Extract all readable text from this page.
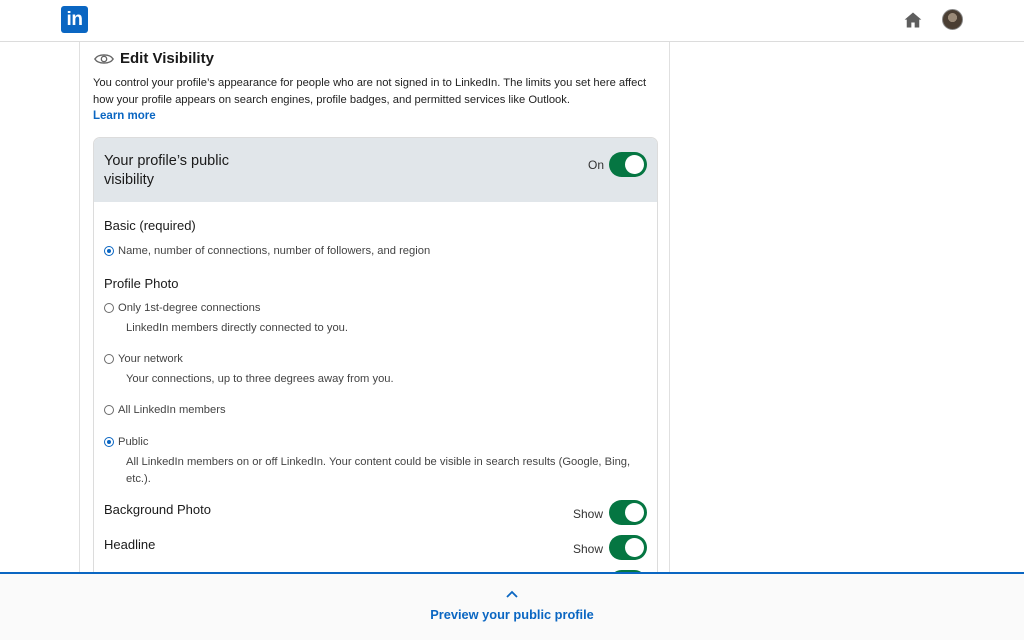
in
Edit Visibility

You control your profile’s appearance for people who are not signed in to LinkedIn. The limits you set here affect how your profile appears on search engines, profile badges, and permitted services like Outlook.

Learn more
Your profile’s public visibility
On
Basic (required)
Name, number of connections, number of followers, and region
Profile Photo
Only 1st-degree connections
LinkedIn members directly connected to you.
Your network
Your connections, up to three degrees away from you.
All LinkedIn members
Public
All LinkedIn members on or off LinkedIn. Your content could be visible in search results (Google, Bing, etc.).
Background Photo	Show
Headline	Show
Preview your public profile
